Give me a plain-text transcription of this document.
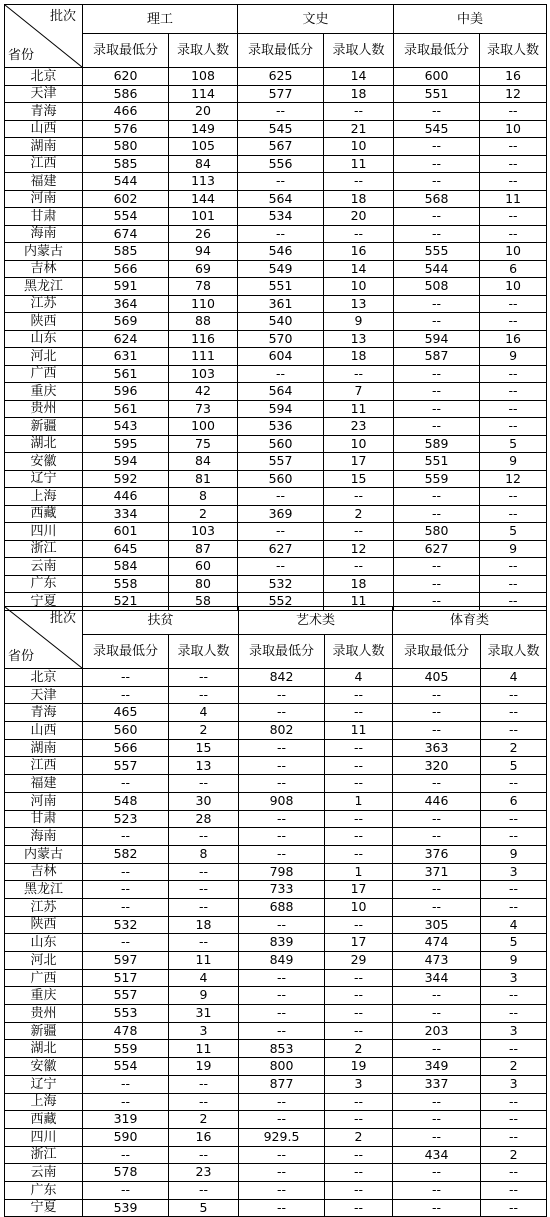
批次
省份	理工		文史		中美	
	录取最低分	录取人数	录取最低分	录取人数	录取最低分	录取人数
北京	620	108	625	14	600	16
天津	586	114	577	18	551	12
青海	466	20	--	--	--	--
山西	576	149	545	21	545	10
湖南	580	105	567	10	--	--
江西	585	84	556	11	--	--
福建	544	113	--	--	--	--
河南	602	144	564	18	568	11
甘肃	554	101	534	20	--	--
海南	674	26	--	--	--	--
内蒙古	585	94	546	16	555	10
吉林	566	69	549	14	544	6
黑龙江	591	78	551	10	508	10
江苏	364	110	361	13	--	--
陕西	569	88	540	9	--	--
山东	624	116	570	13	594	16
河北	631	111	604	18	587	9
广西	561	103	--	--	--	--
重庆	596	42	564	7	--	--
贵州	561	73	594	11	--	--
新疆	543	100	536	23	--	--
湖北	595	75	560	10	589	5
安徽	594	84	557	17	551	9
辽宁	592	81	560	15	559	12
上海	446	8	--	--	--	--
西藏	334	2	369	2	--	--
四川	601	103	--	--	580	5
浙江	645	87	627	12	627	9
云南	584	60	--	--	--	--
广东	558	80	532	18	--	--
宁夏	521	58	552	11	--	--
批次
省份	扶贫		艺术类		体育类	
	录取最低分	录取人数	录取最低分	录取人数	录取最低分	录取人数
北京	--	--	842	4	405	4
天津	--	--	--	--	--	--
青海	465	4	--	--	--	--
山西	560	2	802	11	--	--
湖南	566	15	--	--	363	2
江西	557	13	--	--	320	5
福建	--	--	--	--	--	--
河南	548	30	908	1	446	6
甘肃	523	28	--	--	--	--
海南	--	--	--	--	--	--
内蒙古	582	8	--	--	376	9
吉林	--	--	798	1	371	3
黑龙江	--	--	733	17	--	--
江苏	--	--	688	10	--	--
陕西	532	18	--	--	305	4
山东	--	--	839	17	474	5
河北	597	11	849	29	473	9
广西	517	4	--	--	344	3
重庆	557	9	--	--	--	--
贵州	553	31	--	--	--	--
新疆	478	3	--	--	203	3
湖北	559	11	853	2	--	--
安徽	554	19	800	19	349	2
辽宁	--	--	877	3	337	3
上海	--	--	--	--	--	--
西藏	319	2	--	--	--	--
四川	590	16	929.5	2	--	--
浙江	--	--	--	--	434	2
云南	578	23	--	--	--	--
广东	--	--	--	--	--	--
宁夏	539	5	--	--	--	--
